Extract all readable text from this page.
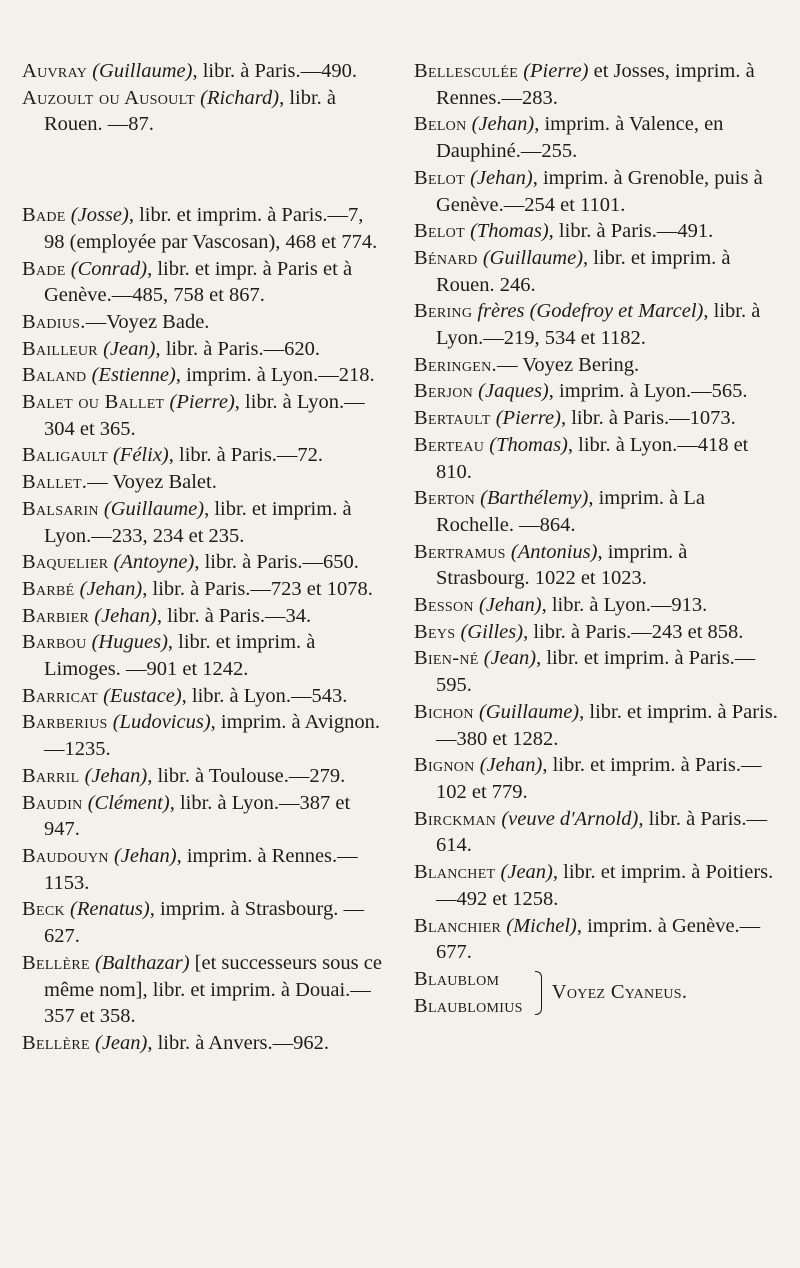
Auvray (Guillaume), libr. à Paris.—490.

Auzoult ou Ausoult (Richard), libr. à Rouen. —87.

Bade (Josse), libr. et imprim. à Paris.—7, 98 (employée par Vascosan), 468 et 774.

Bade (Conrad), libr. et impr. à Paris et à Genève.—485, 758 et 867.

Badius.—Voyez Bade.

Bailleur (Jean), libr. à Paris.—620.

Baland (Estienne), imprim. à Lyon.—218.

Balet ou Ballet (Pierre), libr. à Lyon.—304 et 365.

Baligault (Félix), libr. à Paris.—72.

Ballet.— Voyez Balet.

Balsarin (Guillaume), libr. et imprim. à Lyon.—233, 234 et 235.

Baquelier (Antoyne), libr. à Paris.—650.

Barbé (Jehan), libr. à Paris.—723 et 1078.

Barbier (Jehan), libr. à Paris.—34.

Barbou (Hugues), libr. et imprim. à Limoges. —901 et 1242.

Barricat (Eustace), libr. à Lyon.—543.

Barberius (Ludovicus), imprim. à Avignon. —1235.

Barril (Jehan), libr. à Toulouse.—279.

Baudin (Clément), libr. à Lyon.—387 et 947.

Baudouyn (Jehan), imprim. à Rennes.—1153.

Beck (Renatus), imprim. à Strasbourg. —627.

Bellère (Balthazar) [et successeurs sous ce même nom], libr. et imprim. à Douai.— 357 et 358.

Bellère (Jean), libr. à Anvers.—962.

Bellesculée (Pierre) et Josses, imprim. à Rennes.—283.

Belon (Jehan), imprim. à Valence, en Dauphiné.—255.

Belot (Jehan), imprim. à Grenoble, puis à Genève.—254 et 1101.

Belot (Thomas), libr. à Paris.—491.

Bénard (Guillaume), libr. et imprim. à Rouen. 246.

Bering frères (Godefroy et Marcel), libr. à Lyon.—219, 534 et 1182.

Beringen.— Voyez Bering.

Berjon (Jaques), imprim. à Lyon.—565.

Bertault (Pierre), libr. à Paris.—1073.

Berteau (Thomas), libr. à Lyon.—418 et 810.

Berton (Barthélemy), imprim. à La Rochelle. —864.

Bertramus (Antonius), imprim. à Strasbourg. 1022 et 1023.

Besson (Jehan), libr. à Lyon.—913.

Beys (Gilles), libr. à Paris.—243 et 858.

Bien-né (Jean), libr. et imprim. à Paris.— 595.

Bichon (Guillaume), libr. et imprim. à Paris. —380 et 1282.

Bignon (Jehan), libr. et imprim. à Paris.— 102 et 779.

Birckman (veuve d'Arnold), libr. à Paris.— 614.

Blanchet (Jean), libr. et imprim. à Poitiers. —492 et 1258.

Blanchier (Michel), imprim. à Genève.—677.

Blaublom
Blaublomius
Voyez Cyaneus.
